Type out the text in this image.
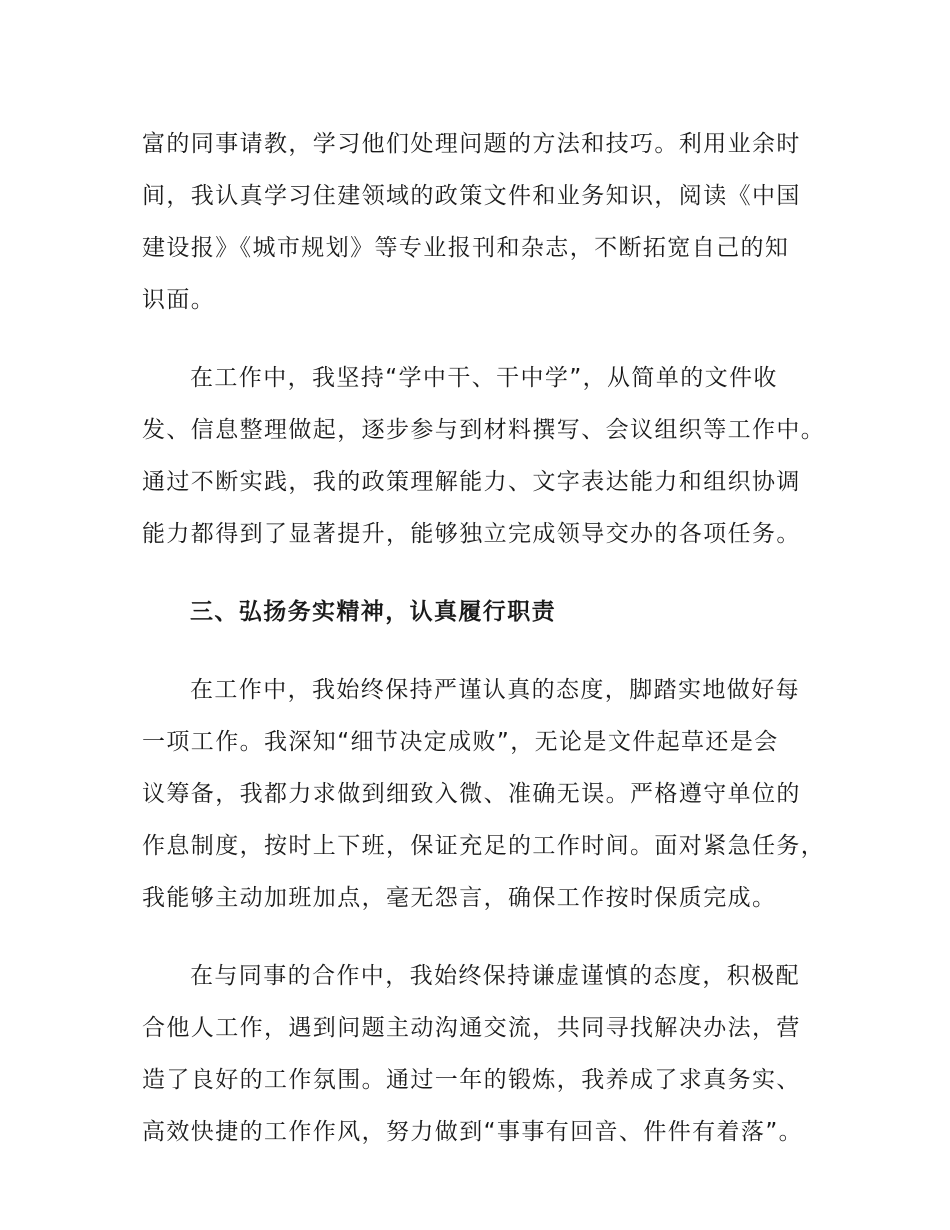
富的同事请教，学习他们处理问题的方法和技巧。利用业余时
间，我认真学习住建领域的政策文件和业务知识，阅读《中国
建设报》《城市规划》等专业报刊和杂志，不断拓宽自己的知
识面。
在工作中，我坚持“学中干、干中学”，从简单的文件收
发、信息整理做起，逐步参与到材料撰写、会议组织等工作中。
通过不断实践，我的政策理解能力、文字表达能力和组织协调
能力都得到了显著提升，能够独立完成领导交办的各项任务。
三、弘扬务实精神，认真履行职责
在工作中，我始终保持严谨认真的态度，脚踏实地做好每
一项工作。我深知“细节决定成败”，无论是文件起草还是会
议筹备，我都力求做到细致入微、准确无误。严格遵守单位的
作息制度，按时上下班，保证充足的工作时间。面对紧急任务，
我能够主动加班加点，毫无怨言，确保工作按时保质完成。
在与同事的合作中，我始终保持谦虚谨慎的态度，积极配
合他人工作，遇到问题主动沟通交流，共同寻找解决办法，营
造了良好的工作氛围。通过一年的锻炼，我养成了求真务实、
高效快捷的工作作风，努力做到“事事有回音、件件有着落”。
